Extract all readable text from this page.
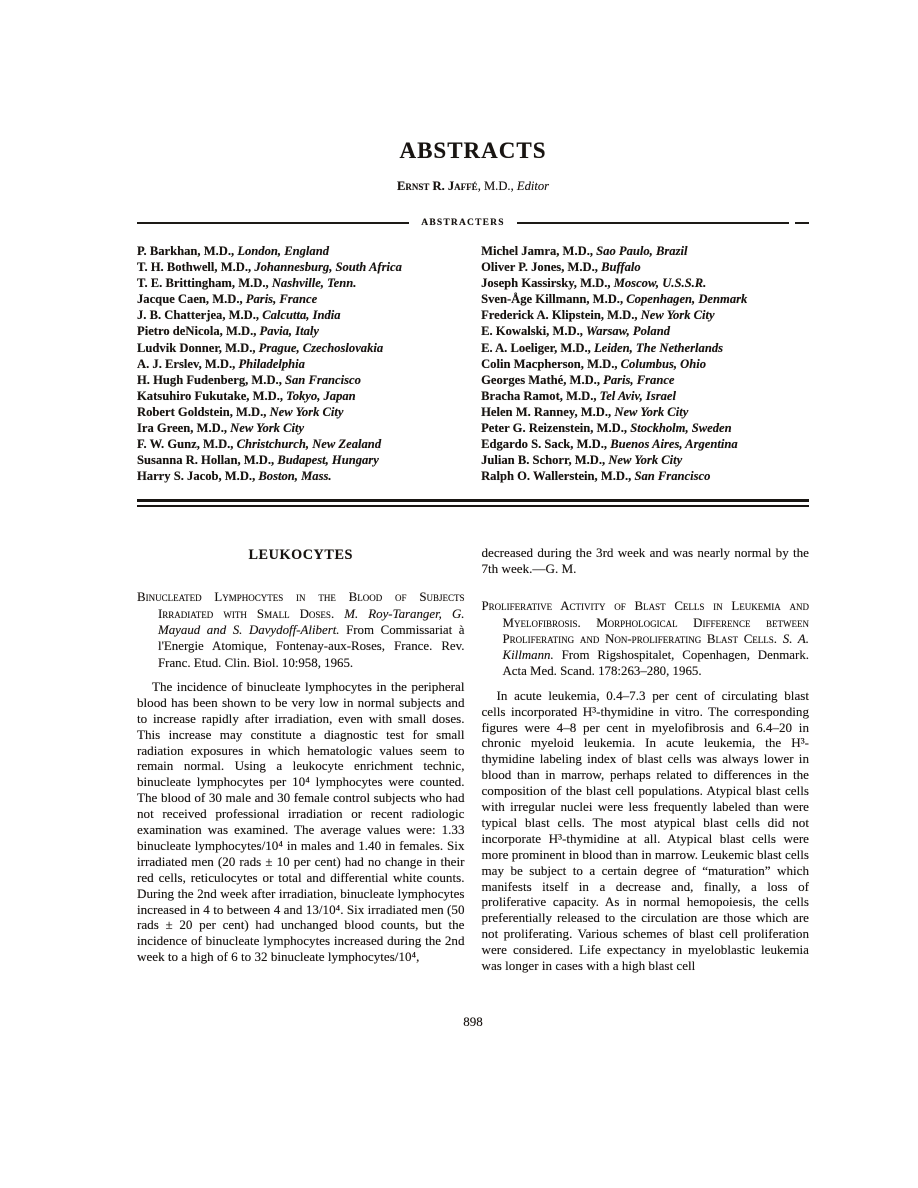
ABSTRACTS
Ernst R. Jaffé, M.D., Editor
ABSTRACTERS
P. Barkhan, M.D., London, England
T. H. Bothwell, M.D., Johannesburg, South Africa
T. E. Brittingham, M.D., Nashville, Tenn.
Jacque Caen, M.D., Paris, France
J. B. Chatterjea, M.D., Calcutta, India
Pietro deNicola, M.D., Pavia, Italy
Ludvik Donner, M.D., Prague, Czechoslovakia
A. J. Erslev, M.D., Philadelphia
H. Hugh Fudenberg, M.D., San Francisco
Katsuhiro Fukutake, M.D., Tokyo, Japan
Robert Goldstein, M.D., New York City
Ira Green, M.D., New York City
F. W. Gunz, M.D., Christchurch, New Zealand
Susanna R. Hollan, M.D., Budapest, Hungary
Harry S. Jacob, M.D., Boston, Mass.
Michel Jamra, M.D., Sao Paulo, Brazil
Oliver P. Jones, M.D., Buffalo
Joseph Kassirsky, M.D., Moscow, U.S.S.R.
Sven-Åge Killmann, M.D., Copenhagen, Denmark
Frederick A. Klipstein, M.D., New York City
E. Kowalski, M.D., Warsaw, Poland
E. A. Loeliger, M.D., Leiden, The Netherlands
Colin Macpherson, M.D., Columbus, Ohio
Georges Mathé, M.D., Paris, France
Bracha Ramot, M.D., Tel Aviv, Israel
Helen M. Ranney, M.D., New York City
Peter G. Reizenstein, M.D., Stockholm, Sweden
Edgardo S. Sack, M.D., Buenos Aires, Argentina
Julian B. Schorr, M.D., New York City
Ralph O. Wallerstein, M.D., San Francisco
LEUKOCYTES

Binucleated Lymphocytes in the Blood of Subjects Irradiated with Small Doses. M. Roy-Taranger, G. Mayaud and S. Davydoff-Alibert. From Commissariat à l'Energie Atomique, Fontenay-aux-Roses, France. Rev. Franc. Etud. Clin. Biol. 10:958, 1965.

The incidence of binucleate lymphocytes in the peripheral blood has been shown to be very low in normal subjects and to increase rapidly after irradiation, even with small doses. This increase may constitute a diagnostic test for small radiation exposures in which hematologic values seem to remain normal. Using a leukocyte enrichment technic, binucleate lymphocytes per 10⁴ lymphocytes were counted. The blood of 30 male and 30 female control subjects who had not received professional irradiation or recent radiologic examination was examined. The average values were: 1.33 binucleate lymphocytes/10⁴ in males and 1.40 in females. Six irradiated men (20 rads ± 10 per cent) had no change in their red cells, reticulocytes or total and differential white counts. During the 2nd week after irradiation, binucleate lymphocytes increased in 4 to between 4 and 13/10⁴. Six irradiated men (50 rads ± 20 per cent) had unchanged blood counts, but the incidence of binucleate lymphocytes increased during the 2nd week to a high of 6 to 32 binucleate lymphocytes/10⁴,

decreased during the 3rd week and was nearly normal by the 7th week.—G. M.

Proliferative Activity of Blast Cells in Leukemia and Myelofibrosis. Morphological Difference between Proliferating and Non-proliferating Blast Cells. S. A. Killmann. From Rigshospitalet, Copenhagen, Denmark. Acta Med. Scand. 178:263–280, 1965.

In acute leukemia, 0.4–7.3 per cent of circulating blast cells incorporated H³-thymidine in vitro. The corresponding figures were 4–8 per cent in myelofibrosis and 6.4–20 in chronic myeloid leukemia. In acute leukemia, the H³-thymidine labeling index of blast cells was always lower in blood than in marrow, perhaps related to differences in the composition of the blast cell populations. Atypical blast cells with irregular nuclei were less frequently labeled than were typical blast cells. The most atypical blast cells did not incorporate H³-thymidine at all. Atypical blast cells were more prominent in blood than in marrow. Leukemic blast cells may be subject to a certain degree of “maturation” which manifests itself in a decrease and, finally, a loss of proliferative capacity. As in normal hemopoiesis, the cells preferentially released to the circulation are those which are not proliferating. Various schemes of blast cell proliferation were considered. Life expectancy in myeloblastic leukemia was longer in cases with a high blast cell

898
